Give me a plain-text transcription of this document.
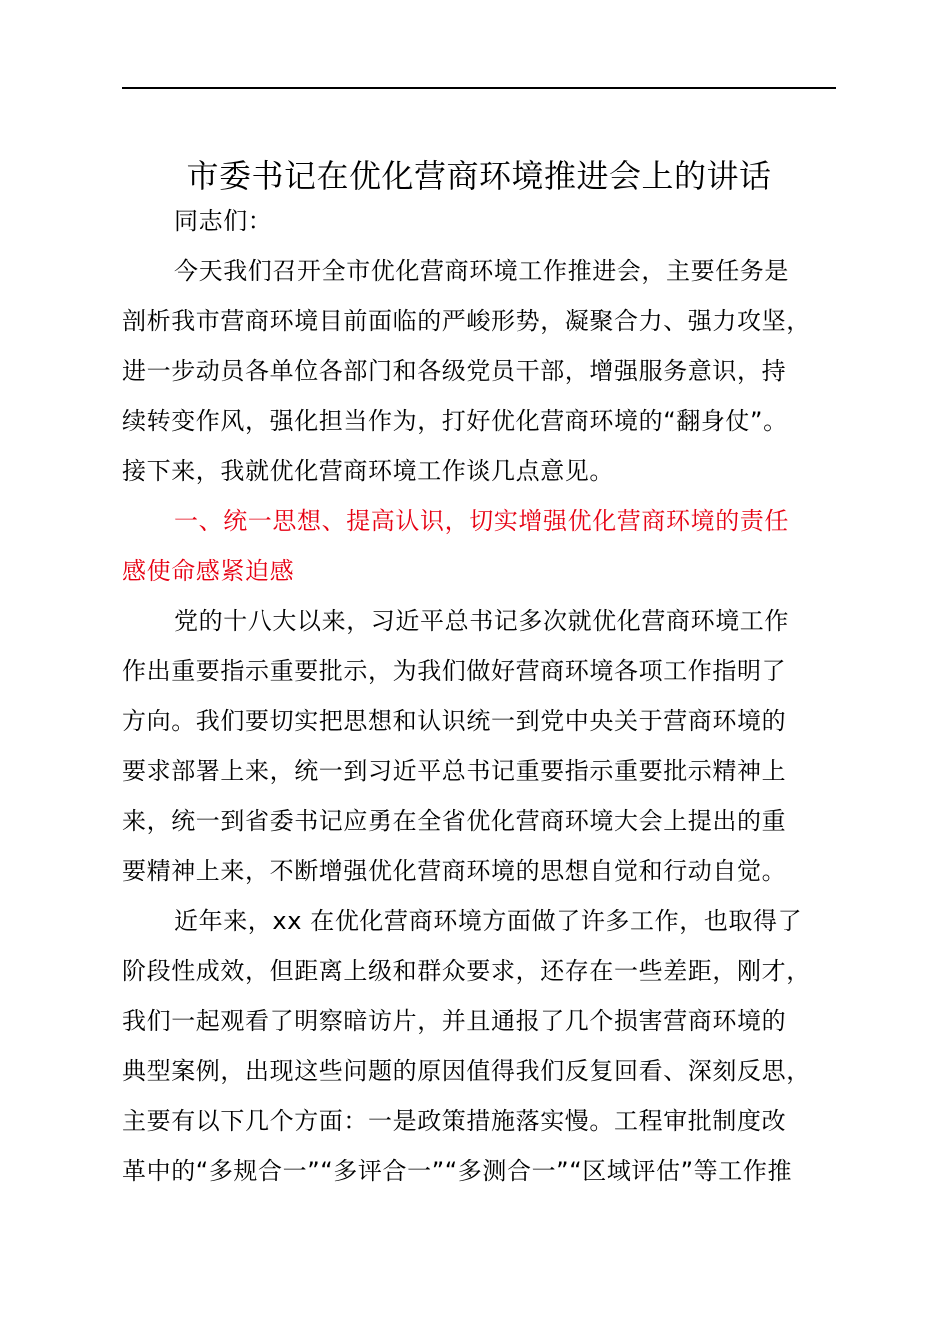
市委书记在优化营商环境推进会上的讲话
同志们：
今天我们召开全市优化营商环境工作推进会，主要任务是
剖析我市营商环境目前面临的严峻形势，凝聚合力、强力攻坚，
进一步动员各单位各部门和各级党员干部，增强服务意识，持
续转变作风，强化担当作为，打好优化营商环境的“翻身仗”。
接下来，我就优化营商环境工作谈几点意见。
一、统一思想、提高认识，切实增强优化营商环境的责任
感使命感紧迫感
党的十八大以来，习近平总书记多次就优化营商环境工作
作出重要指示重要批示，为我们做好营商环境各项工作指明了
方向。我们要切实把思想和认识统一到党中央关于营商环境的
要求部署上来，统一到习近平总书记重要指示重要批示精神上
来，统一到省委书记应勇在全省优化营商环境大会上提出的重
要精神上来，不断增强优化营商环境的思想自觉和行动自觉。
近年来，xx 在优化营商环境方面做了许多工作，也取得了
阶段性成效，但距离上级和群众要求，还存在一些差距，刚才，
我们一起观看了明察暗访片，并且通报了几个损害营商环境的
典型案例，出现这些问题的原因值得我们反复回看、深刻反思，
主要有以下几个方面：一是政策措施落实慢。工程审批制度改
革中的“多规合一”“多评合一”“多测合一”“区域评估”等工作推
